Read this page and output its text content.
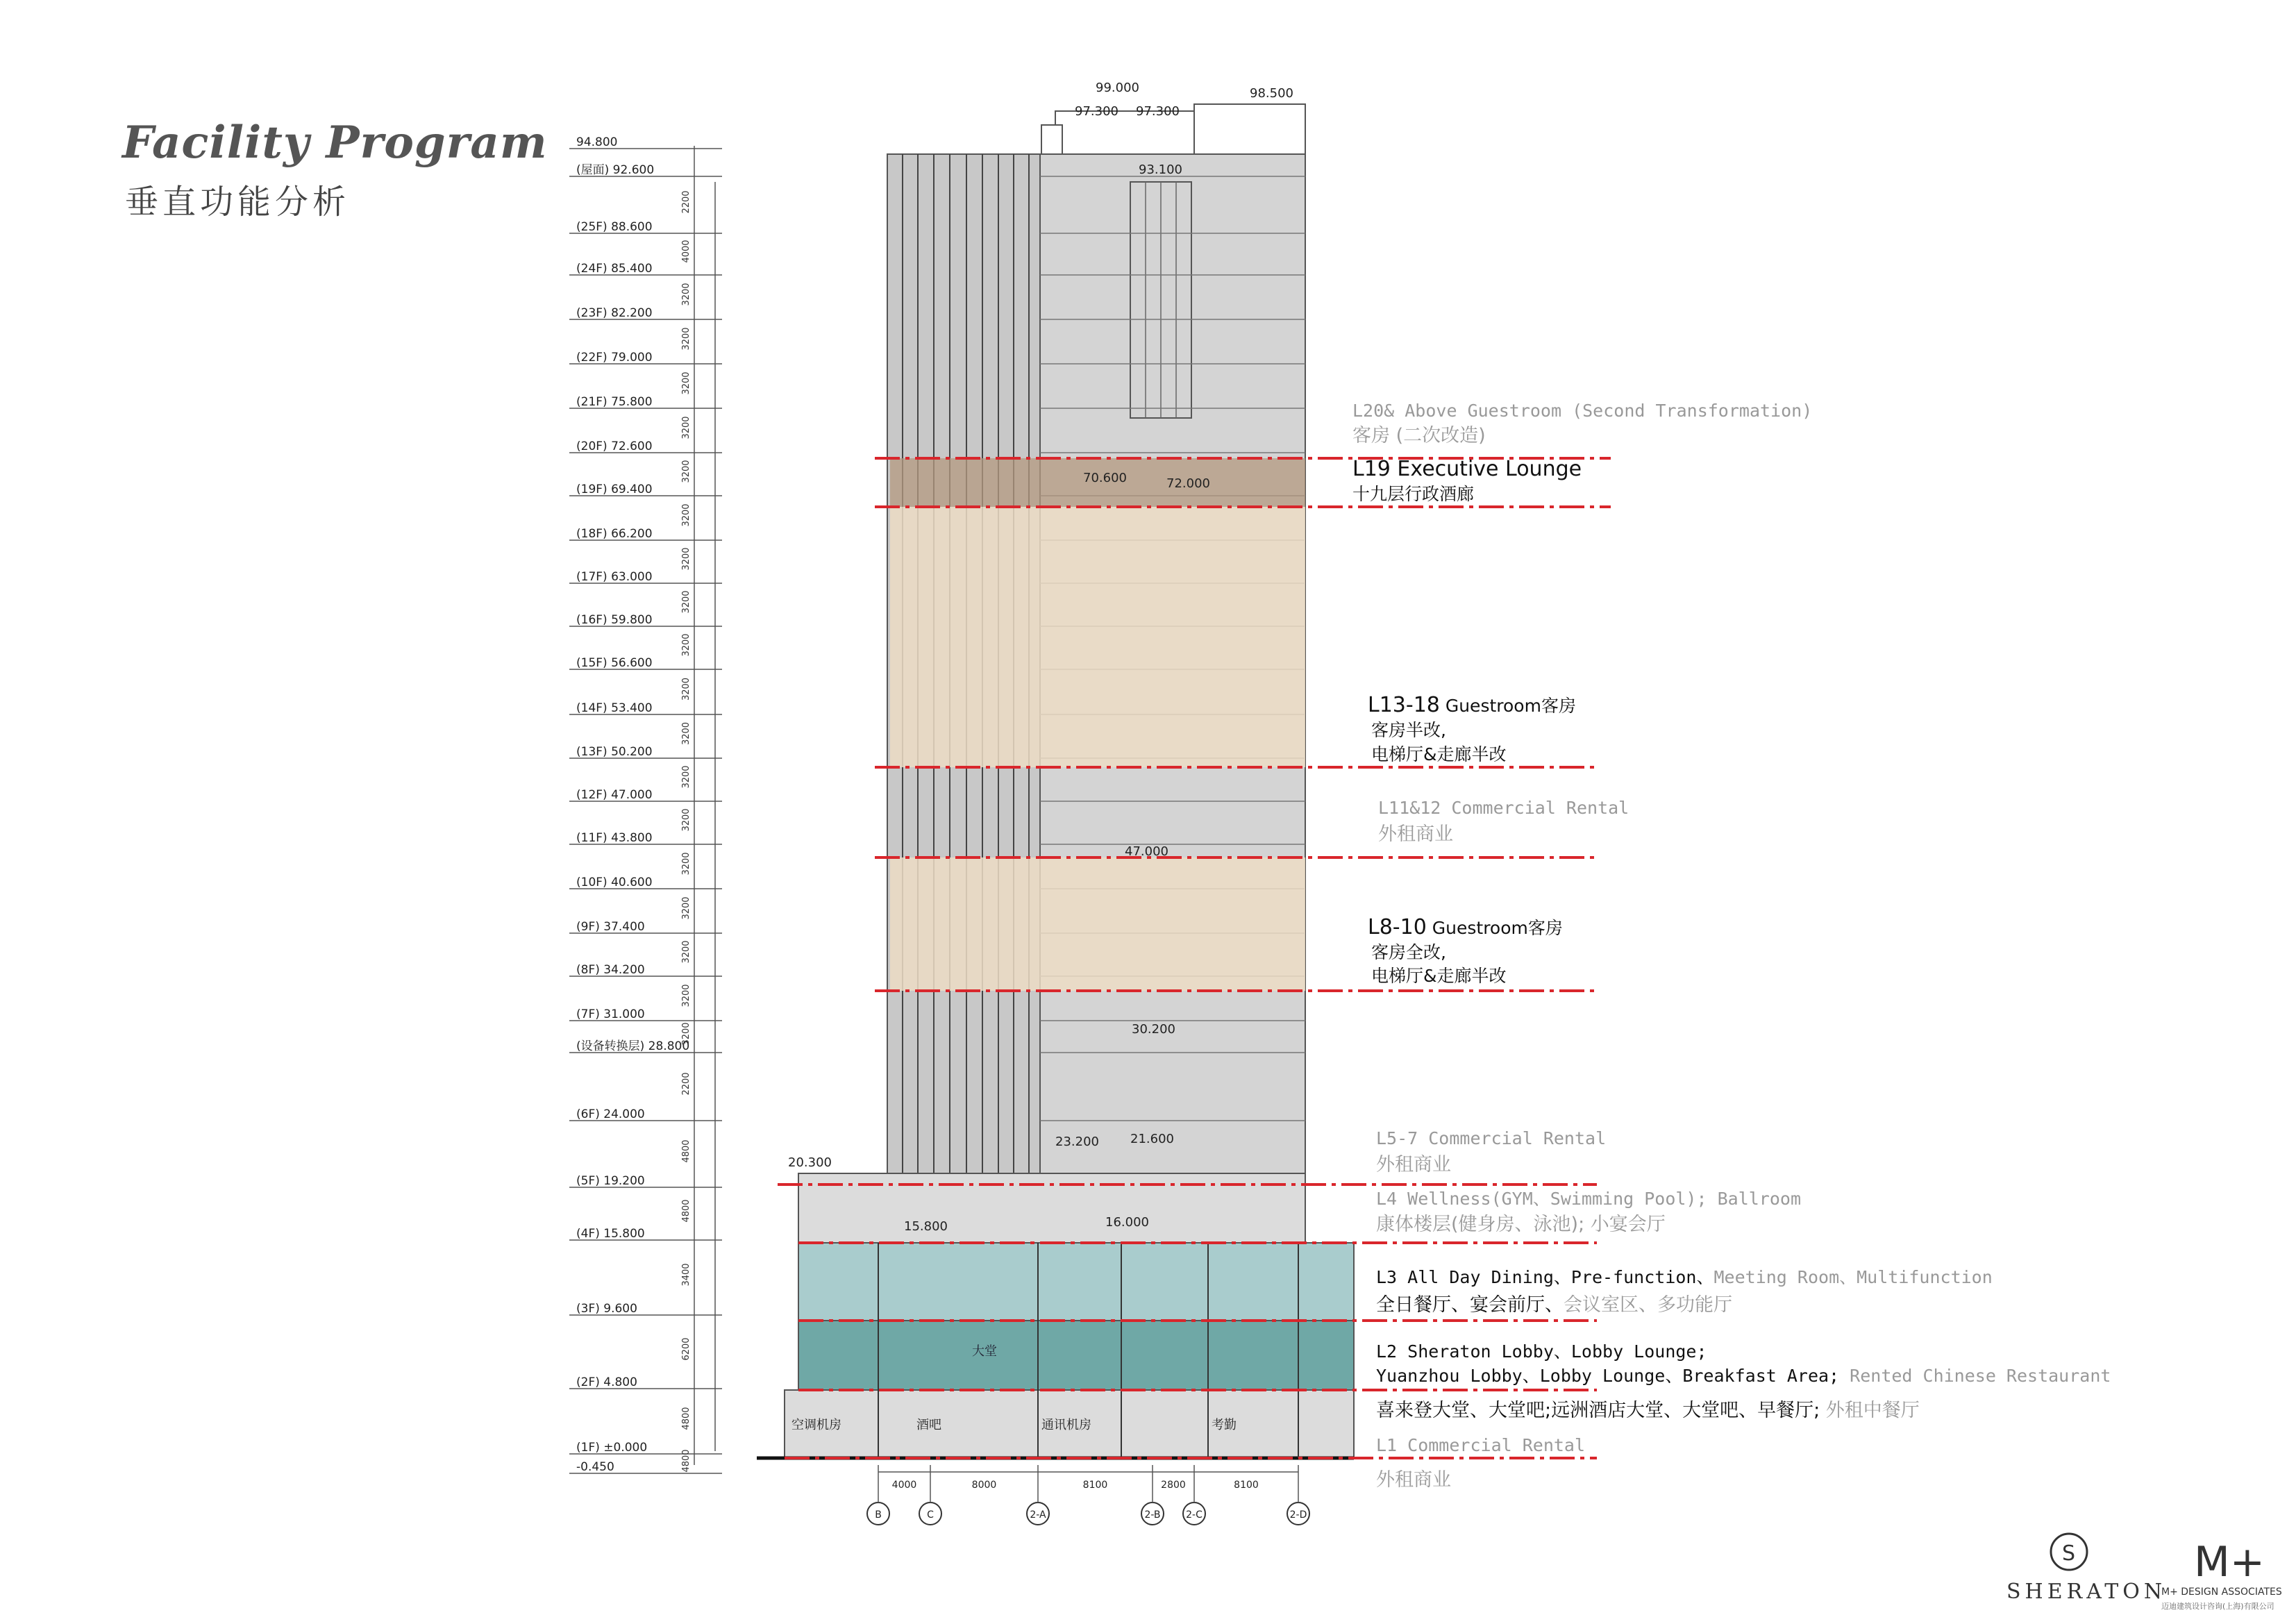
Facility Program
垂直功能分析
94.800
(屋面) 92.600
(25F) 88.600
(24F) 85.400
(23F) 82.200
(22F) 79.000
(21F) 75.800
(20F) 72.600
(19F) 69.400
(18F) 66.200
(17F) 63.000
(16F) 59.800
(15F) 56.600
(14F) 53.400
(13F) 50.200
(12F) 47.000
(11F) 43.800
(10F) 40.600
(9F) 37.400
(8F) 34.200
(7F) 31.000
(设备转换层) 28.800
(6F) 24.000
(5F) 19.200
(4F) 15.800
(3F) 9.600
(2F) 4.800
(1F) ±0.000
-0.450
2200
4000
3200
3200
3200
3200
3200
3200
3200
3200
3200
3200
3200
3200
3200
3200
3200
3200
3200
3200
2200
4800
4800
3400
6200
4800
4800
99.000
97.300 97.300
98.500
93.100
70.600	72.000
47.000
30.200
23.200	21.600
20.300
15.800	16.000
空调机房	酒吧	通讯机房	考勤
大堂
4000	8000	8100	2800	8100
B	C	2-A	2-B	2-C	2-D
L20& Above Guestroom (Second Transformation)
客房 (二次改造)
L19 Executive Lounge
十九层行政酒廊
L13-18 Guestroom客房
客房半改,
电梯厅&走廊半改
L11&12 Commercial Rental
外租商业
L8-10 Guestroom客房
客房全改,
电梯厅&走廊半改
L5-7 Commercial Rental
外租商业
L4 Wellness(GYM、Swimming Pool); Ballroom
康体楼层(健身房、泳池); 小宴会厅
L3 All Day Dining、Pre-function、Meeting Room、Multifunction
全日餐厅、宴会前厅、会议室区、多功能厅
L2 Sheraton Lobby、Lobby Lounge;
Yuanzhou Lobby、Lobby Lounge、Breakfast Area; Rented Chinese Restaurant
喜来登大堂、大堂吧;远洲酒店大堂、大堂吧、早餐厅; 外租中餐厅
L1 Commercial Rental
外租商业
S	M+
SHERATON
M+ DESIGN ASSOCIATES
迈迪建筑设计咨询(上海)有限公司
